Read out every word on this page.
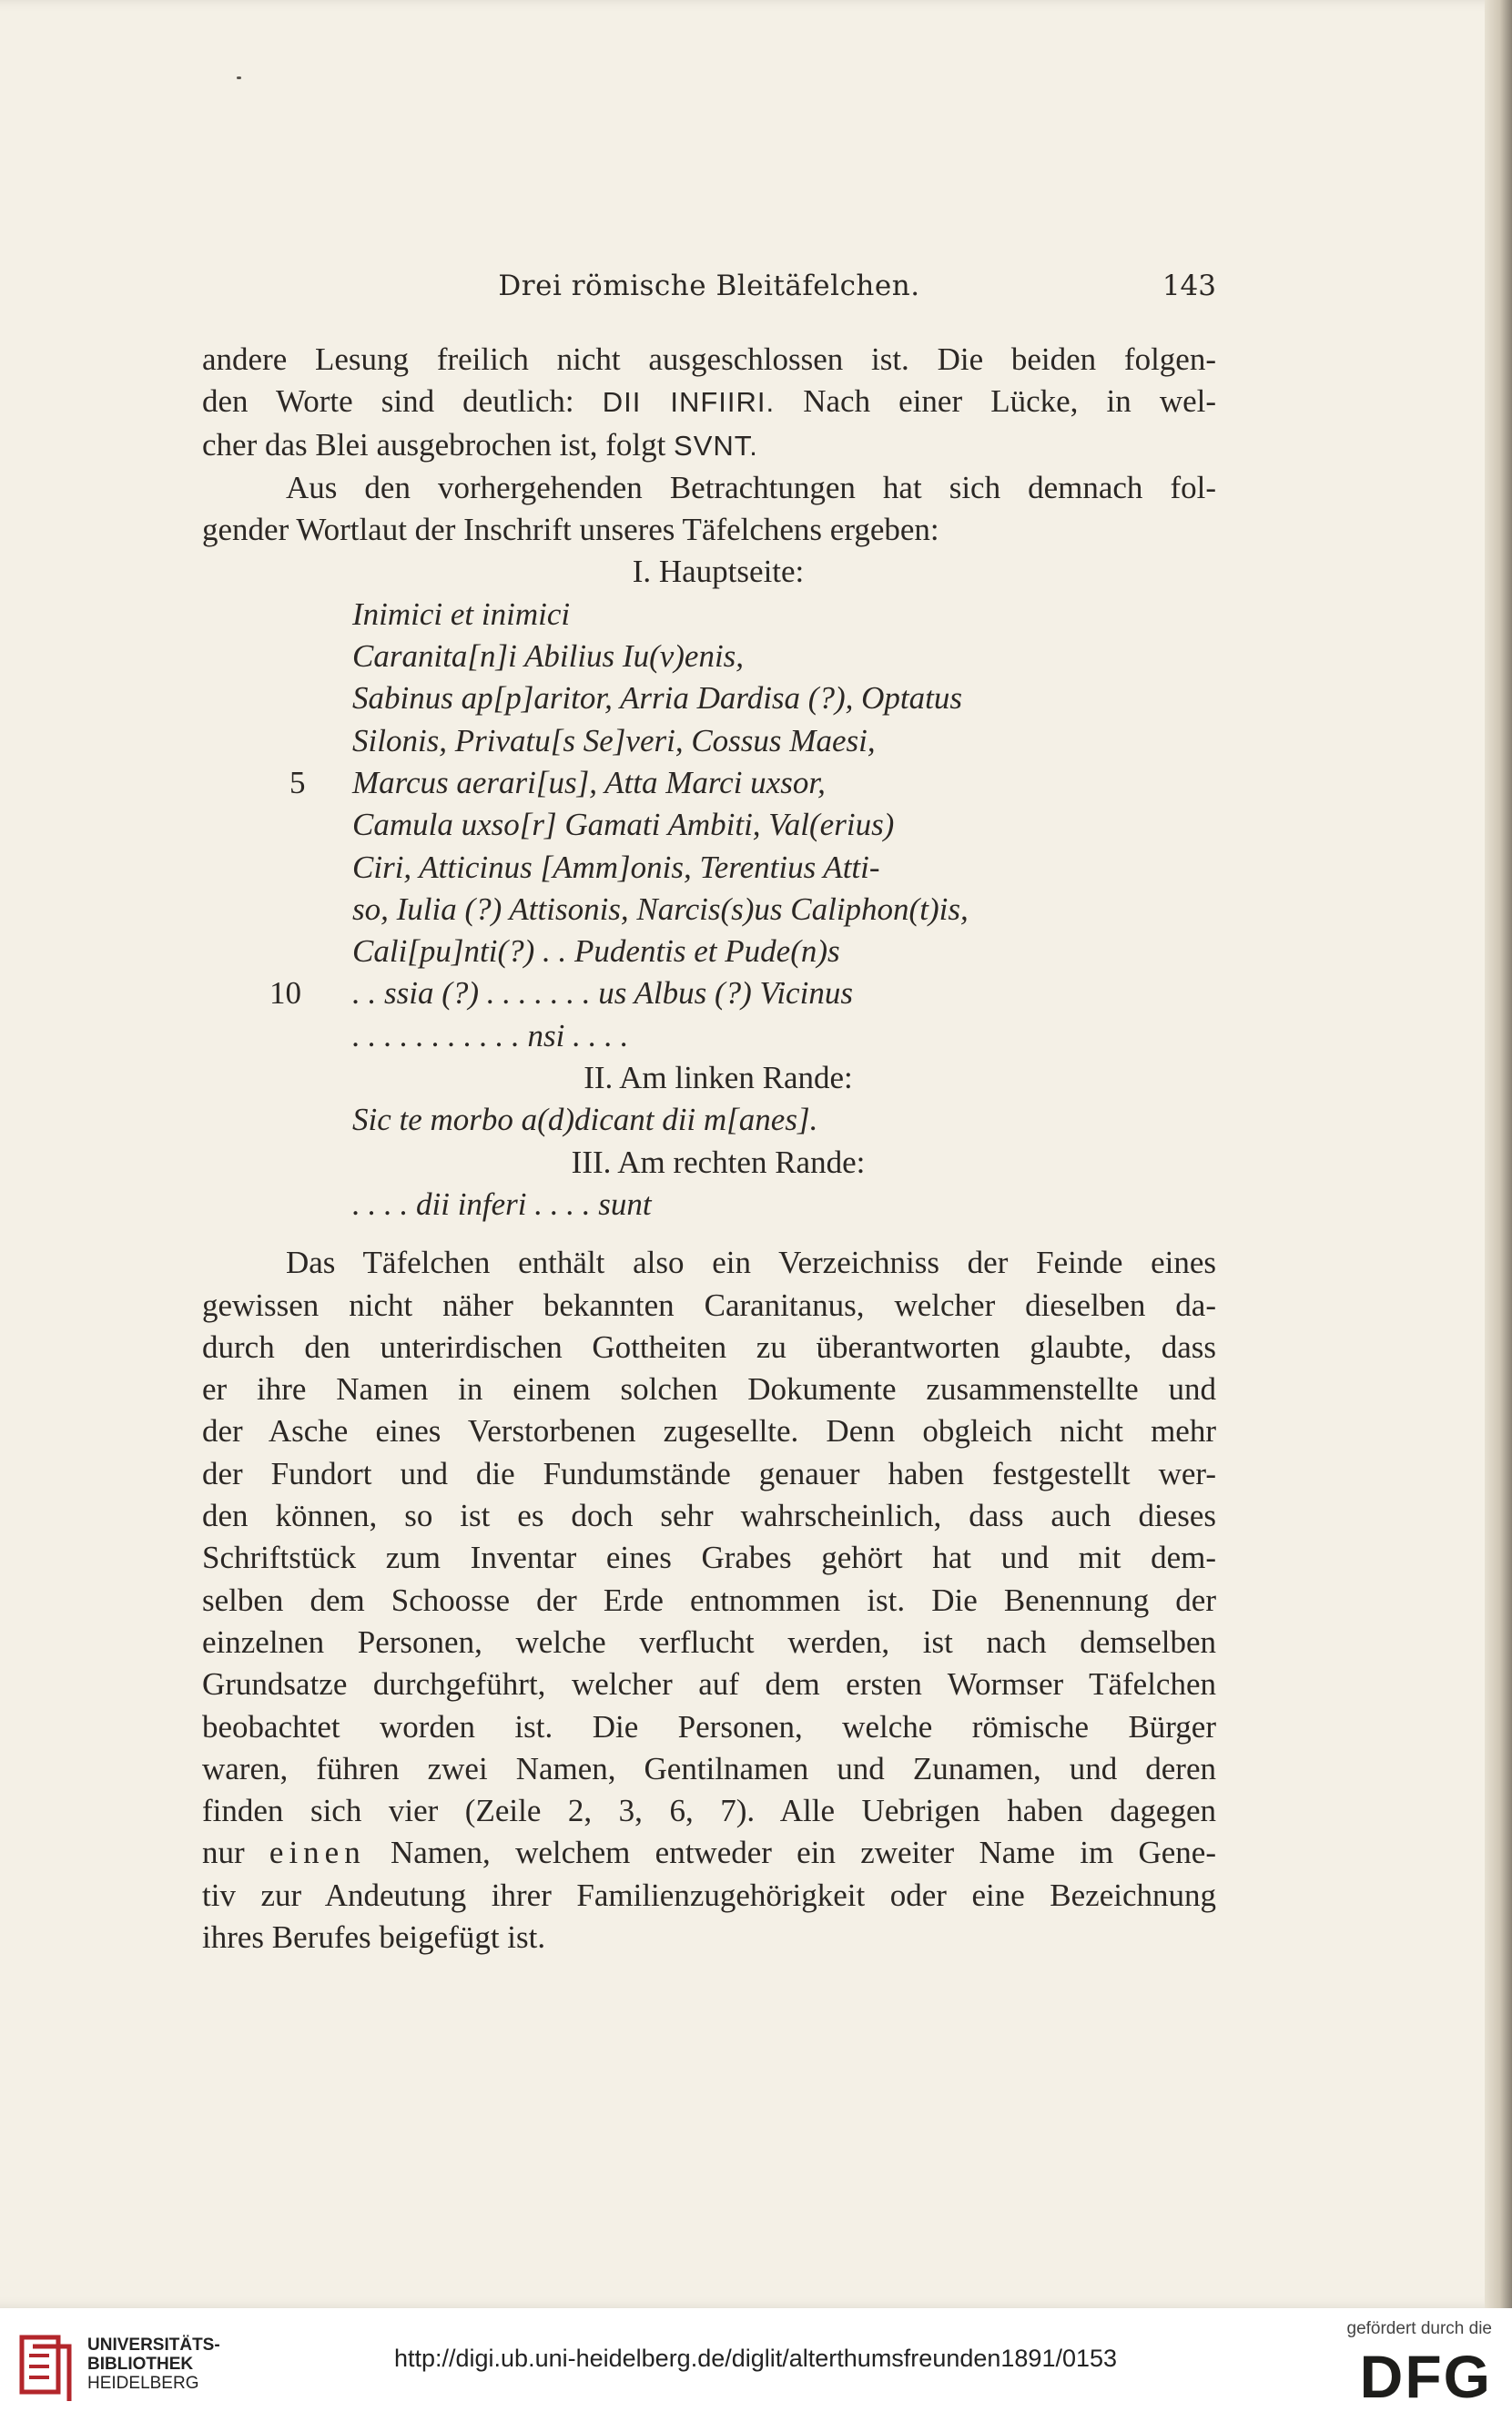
Drei römische Bleitäfelchen.	143
andere Lesung freilich nicht ausgeschlossen ist. Die beiden folgen-
den Worte sind deutlich: DII INFIIRI. Nach einer Lücke, in wel-
cher das Blei ausgebrochen ist, folgt SVNT.
Aus den vorhergehenden Betrachtungen hat sich demnach fol-
gender Wortlaut der Inschrift unseres Täfelchens ergeben:
I. Hauptseite:
Inimici et inimici
Caranita[n]i Abilius Iu(v)enis,
Sabinus ap[p]aritor, Arria Dardisa (?), Optatus
Silonis, Privatu[s Se]veri, Cossus Maesi,
5 Marcus aerari[us], Atta Marci uxsor,
Camula uxso[r] Gamati Ambiti, Val(erius)
Ciri, Atticinus [Amm]onis, Terentius Atti-
so, Iulia (?) Attisonis, Narcis(s)us Caliphon(t)is,
Cali[pu]nti(?) . . Pudentis et Pude(n)s
10 . . ssia (?) . . . . . . . us Albus (?) Vicinus
. . . . . . . . . . . nsi . . . .
II. Am linken Rande:
Sic te morbo a(d)dicant dii m[anes].
III. Am rechten Rande:
. . . . dii inferi . . . . sunt
Das Täfelchen enthält also ein Verzeichniss der Feinde eines
gewissen nicht näher bekannten Caranitanus, welcher dieselben da-
durch den unterirdischen Gottheiten zu überantworten glaubte, dass
er ihre Namen in einem solchen Dokumente zusammenstellte und
der Asche eines Verstorbenen zugesellte. Denn obgleich nicht mehr
der Fundort und die Fundumstände genauer haben festgestellt wer-
den können, so ist es doch sehr wahrscheinlich, dass auch dieses
Schriftstück zum Inventar eines Grabes gehört hat und mit dem-
selben dem Schoosse der Erde entnommen ist. Die Benennung der
einzelnen Personen, welche verflucht werden, ist nach demselben
Grundsatze durchgeführt, welcher auf dem ersten Wormser Täfelchen
beobachtet worden ist. Die Personen, welche römische Bürger
waren, führen zwei Namen, Gentilnamen und Zunamen, und deren
finden sich vier (Zeile 2, 3, 6, 7). Alle Uebrigen haben dagegen
nur einen Namen, welchem entweder ein zweiter Name im Gene-
tiv zur Andeutung ihrer Familienzugehörigkeit oder eine Bezeichnung
ihres Berufes beigefügt ist.
UNIVERSITÄTS-
BIBLIOTHEK
HEIDELBERG
http://digi.ub.uni-heidelberg.de/diglit/alterthumsfreunden1891/0153
gefördert durch die
DFG
